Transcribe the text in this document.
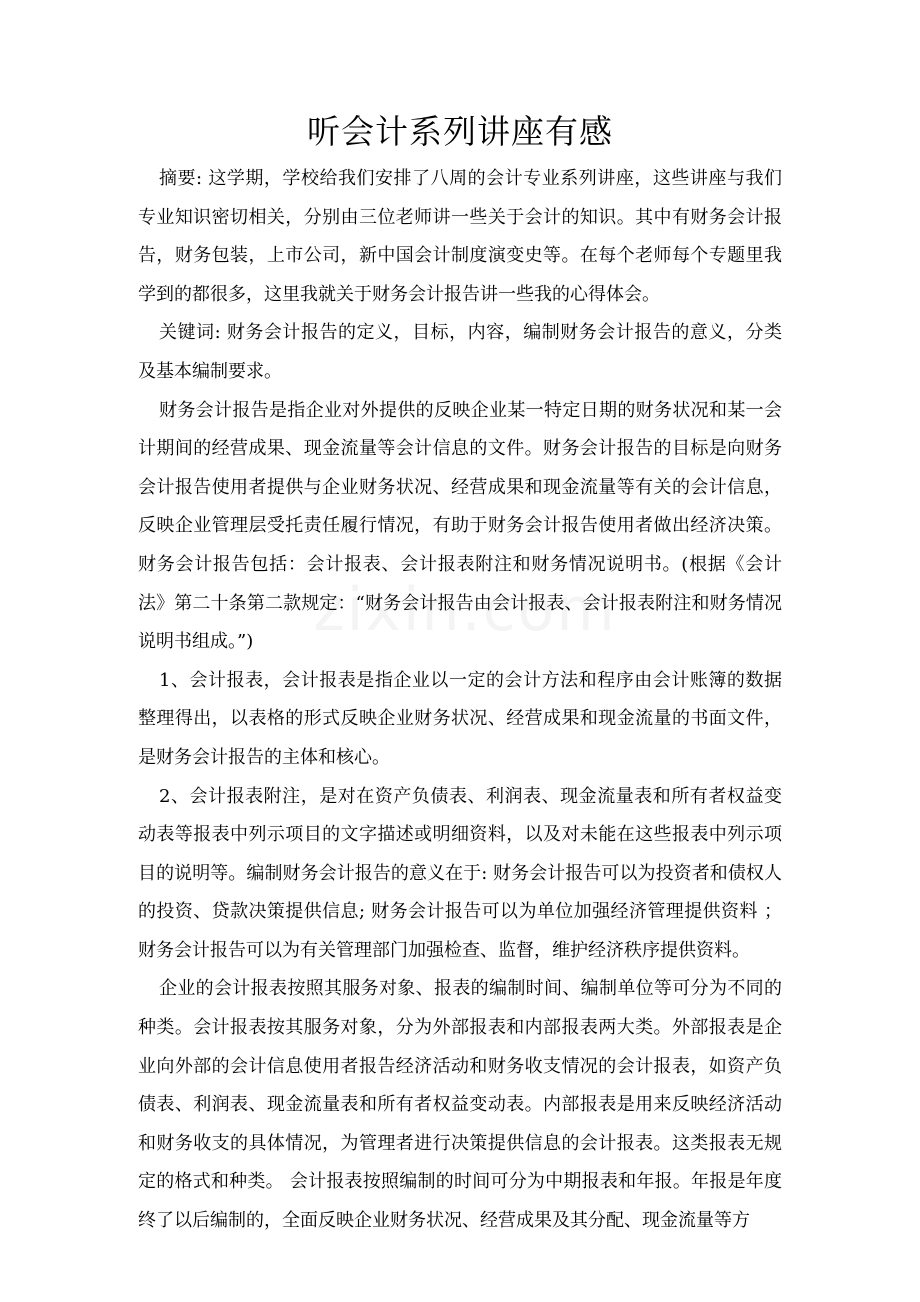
听会计系列讲座有感

摘要: 这学期，学校给我们安排了八周的会计专业系列讲座，这些讲座与我们专业知识密切相关，分别由三位老师讲一些关于会计的知识。其中有财务会计报告，财务包装，上市公司，新中国会计制度演变史等。在每个老师每个专题里我学到的都很多，这里我就关于财务会计报告讲一些我的心得体会。

关键词: 财务会计报告的定义，目标，内容，编制财务会计报告的意义，分类及基本编制要求。

财务会计报告是指企业对外提供的反映企业某一特定日期的财务状况和某一会计期间的经营成果、现金流量等会计信息的文件。财务会计报告的目标是向财务会计报告使用者提供与企业财务状况、经营成果和现金流量等有关的会计信息，反映企业管理层受托责任履行情况，有助于财务会计报告使用者做出经济决策。财务会计报告包括：会计报表、会计报表附注和财务情况说明书。(根据《会计法》第二十条第二款规定：“财务会计报告由会计报表、会计报表附注和财务情况说明书组成。”)

1、会计报表，会计报表是指企业以一定的会计方法和程序由会计账簿的数据整理得出，以表格的形式反映企业财务状况、经营成果和现金流量的书面文件，是财务会计报告的主体和核心。

2、会计报表附注，是对在资产负债表、利润表、现金流量表和所有者权益变动表等报表中列示项目的文字描述或明细资料，以及对未能在这些报表中列示项目的说明等。编制财务会计报告的意义在于: 财务会计报告可以为投资者和债权人的投资、贷款决策提供信息; 财务会计报告可以为单位加强经济管理提供资料 ；财务会计报告可以为有关管理部门加强检查、监督，维护经济秩序提供资料。

企业的会计报表按照其服务对象、报表的编制时间、编制单位等可分为不同的种类。会计报表按其服务对象，分为外部报表和内部报表两大类。外部报表是企业向外部的会计信息使用者报告经济活动和财务收支情况的会计报表，如资产负债表、利润表、现金流量表和所有者权益变动表。内部报表是用来反映经济活动和财务收支的具体情况，为管理者进行决策提供信息的会计报表。这类报表无规定的格式和种类。 会计报表按照编制的时间可分为中期报表和年报。年报是年度终了以后编制的，全面反映企业财务状况、经营成果及其分配、现金流量等方
